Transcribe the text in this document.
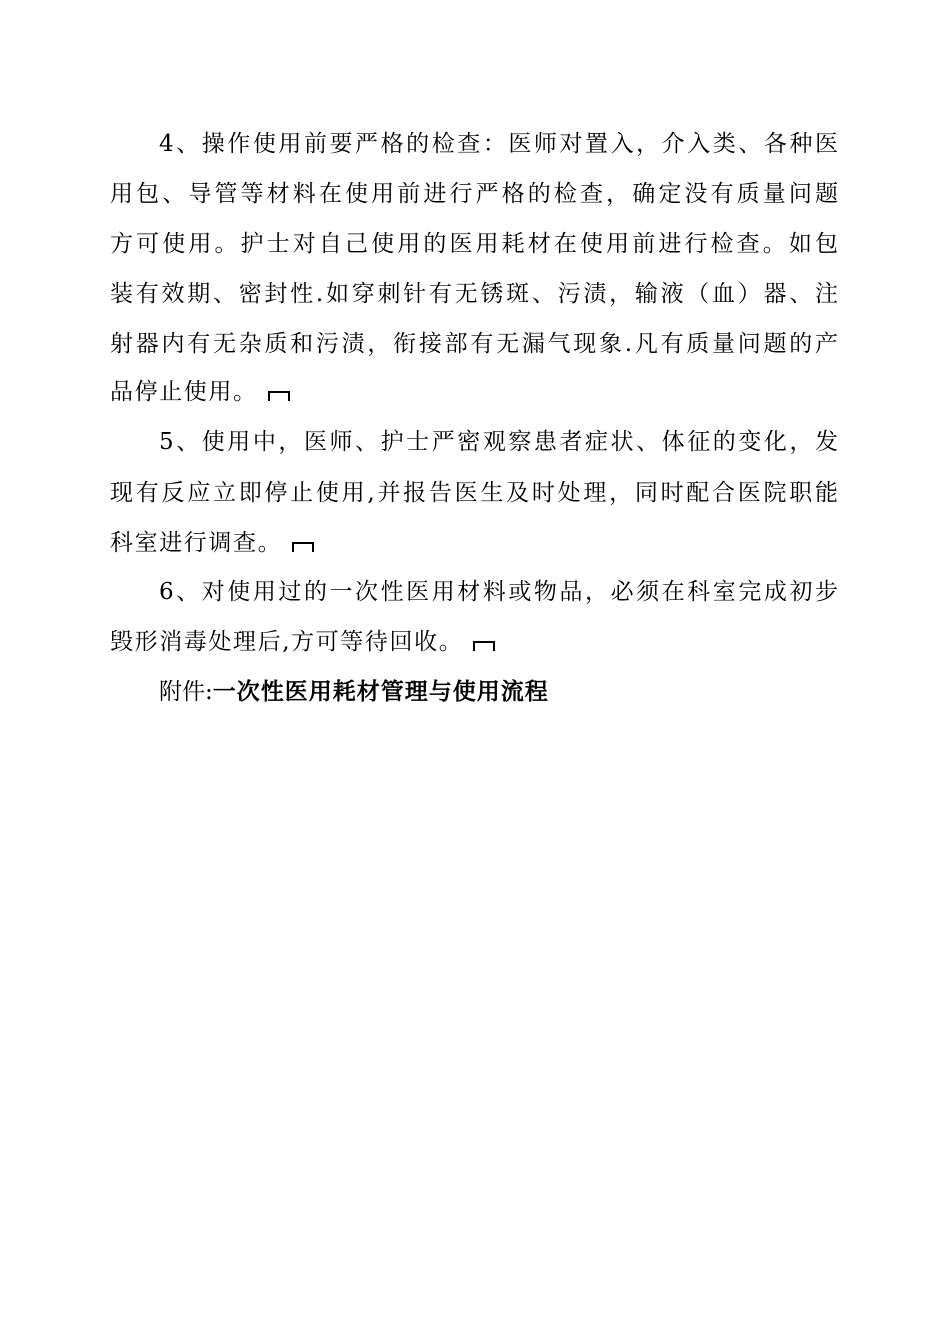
4、操作使用前要严格的检查：医师对置入，介入类、各种医
用包、导管等材料在使用前进行严格的检查，确定没有质量问题
方可使用。护士对自己使用的医用耗材在使用前进行检查。如包
装有效期、密封性.如穿刺针有无锈斑、污渍，输液（血）器、注
射器内有无杂质和污渍，衔接部有无漏气现象.凡有质量问题的产
品停止使用。
5、使用中，医师、护士严密观察患者症状、体征的变化，发
现有反应立即停止使用,并报告医生及时处理，同时配合医院职能
科室进行调查。
6、对使用过的一次性医用材料或物品，必须在科室完成初步
毁形消毒处理后,方可等待回收。
附件:一次性医用耗材管理与使用流程
